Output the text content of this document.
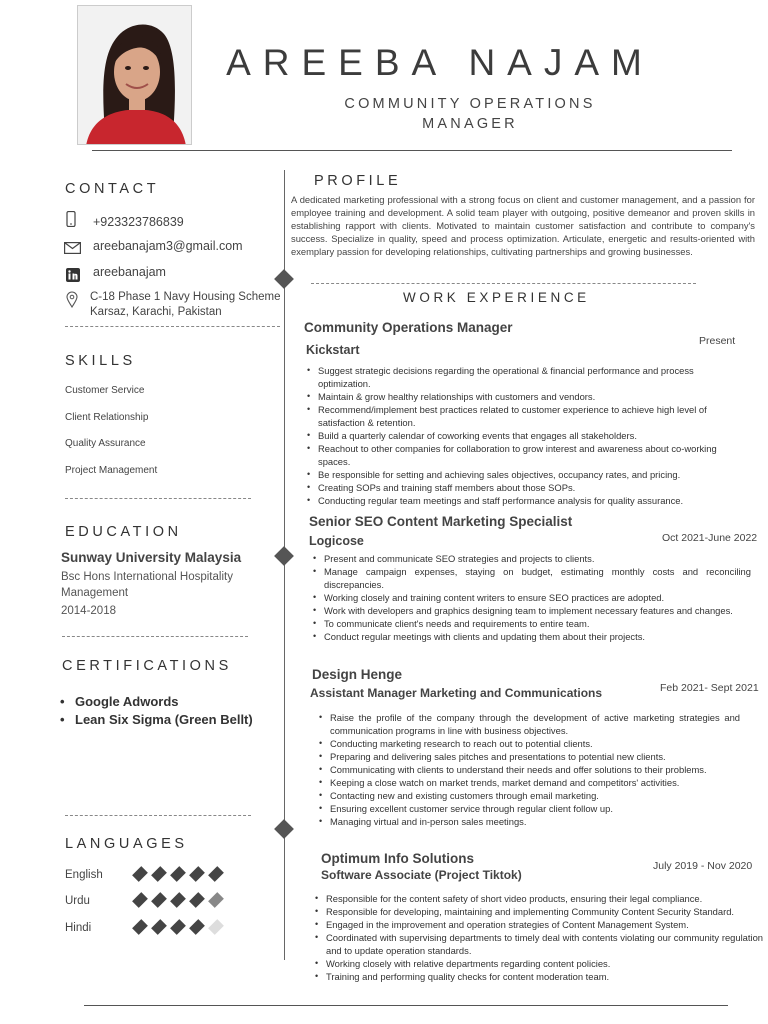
AREEBA NAJAM
COMMUNITY OPERATIONS
MANAGER
CONTACT
+923323786839
areebanajam3@gmail.com
areebanajam
C-18 Phase 1 Navy Housing Scheme
Karsaz, Karachi, Pakistan
SKILLS
Customer Service
Client Relationship
Quality Assurance
Project Management
EDUCATION
Sunway University Malaysia
Bsc Hons International Hospitality
Management
2014-2018
CERTIFICATIONS
• Google Adwords
• Lean Six Sigma (Green Bellt)
LANGUAGES
English
Urdu
Hindi
PROFILE
A dedicated marketing professional with a strong focus on client and customer management, and a passion for employee training and development. A solid team player with outgoing, positive demeanor and proven skills in establishing rapport with clients. Motivated to maintain customer satisfaction and contribute to company's success. Specialize in quality, speed and process optimization. Articulate, energetic and results-oriented with exemplary passion for developing relationships, cultivating partnerships and growing businesses.
WORK EXPERIENCE
Community Operations Manager
Kickstart
Present
• Suggest strategic decisions regarding the operational & financial performance and process optimization.
• Maintain & grow healthy relationships with customers and vendors.
• Recommend/implement best practices related to customer experience to achieve high level of satisfaction & retention.
• Build a quarterly calendar of coworking events that engages all stakeholders.
• Reachout to other companies for collaboration to grow interest and awareness about co-working spaces.
• Be responsible for setting and achieving sales objectives, occupancy rates, and pricing.
• Creating SOPs and training staff members about those SOPs.
• Conducting regular team meetings and staff performance analysis for quality assurance.
Senior SEO Content Marketing Specialist
Logicose	Oct 2021-June 2022
• Present and communicate SEO strategies and projects to clients.
• Manage campaign expenses, staying on budget, estimating monthly costs and reconciling discrepancies.
• Working closely and training content writers to ensure SEO practices are adopted.
• Work with developers and graphics designing team to implement necessary features and changes.
• To communicate client's needs and requirements to entire team.
• Conduct regular meetings with clients and updating them about their projects.
Design Henge
Assistant Manager Marketing and Communications	Feb 2021- Sept 2021
• Raise the profile of the company through the development of active marketing strategies and communication programs in line with business objectives.
• Conducting marketing research to reach out to potential clients.
• Preparing and delivering sales pitches and presentations to potential new clients.
• Communicating with clients to understand their needs and offer solutions to their problems.
• Keeping a close watch on market trends, market demand and competitors' activities.
• Contacting new and existing customers through email marketing.
• Ensuring excellent customer service through regular client follow up.
• Managing virtual and in-person sales meetings.
Optimum Info Solutions
Software Associate (Project Tiktok)
July 2019 - Nov 2020
• Responsible for the content safety of short video products, ensuring their legal compliance.
• Responsible for developing, maintaining and implementing Community Content Security Standard.
• Engaged in the improvement and operation strategies of Content Management System.
• Coordinated with supervising departments to timely deal with contents violating our community regulation and to update operation standards.
• Working closely with relative departments regarding content policies.
• Training and performing quality checks for content moderation team.
